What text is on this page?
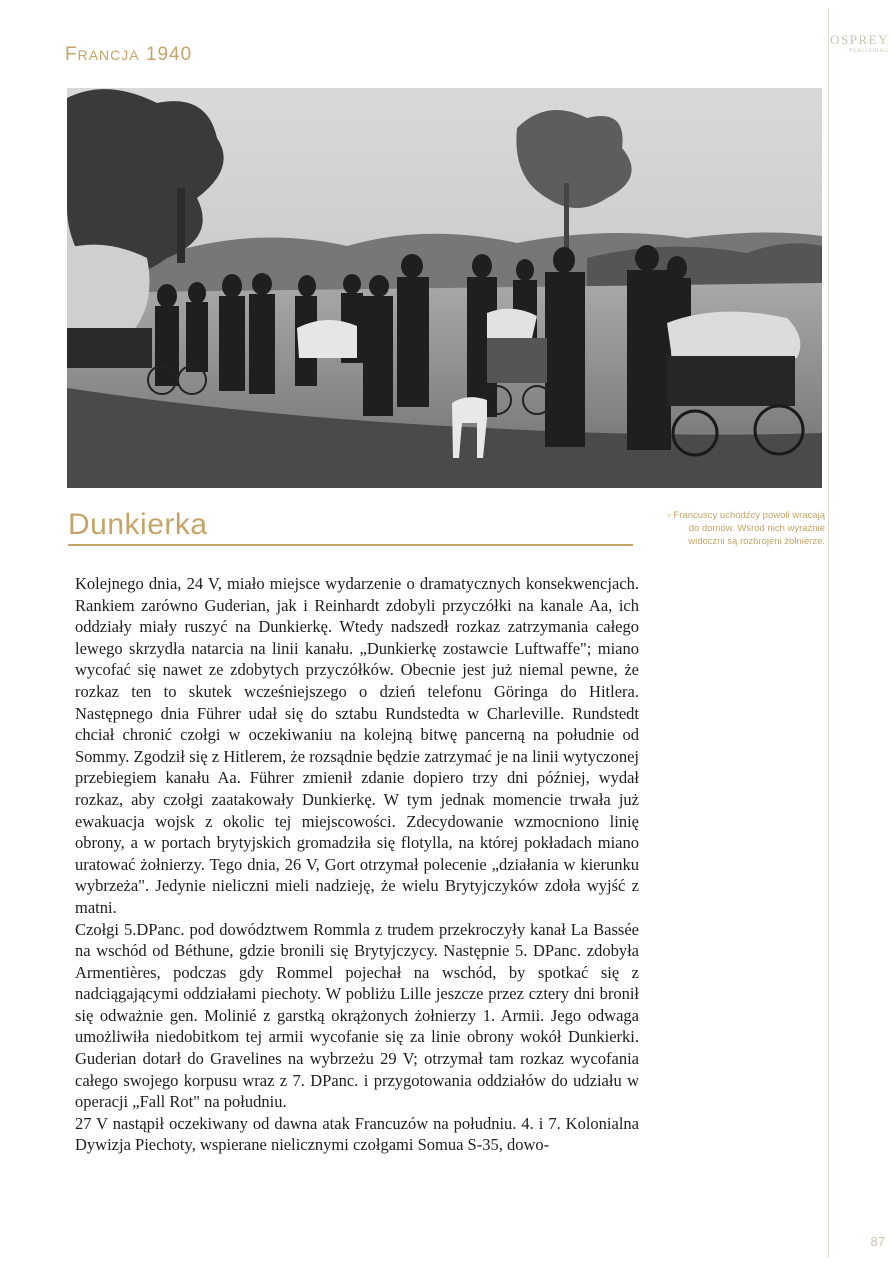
FRANCJA 1940
OSPREY
PUBLISHING
▫ Francuscy uchodźcy powoli wracają do domów. Wśród nich wyraźnie widoczni są rozbrojeni żołnierze.
Dunkierka

Kolejnego dnia, 24 V, miało miejsce wydarzenie o dramatycznych konsekwencjach. Rankiem zarówno Guderian, jak i Reinhardt zdobyli przyczółki na kanale Aa, ich oddziały miały ruszyć na Dunkierkę. Wtedy nadszedł rozkaz zatrzymania całego lewego skrzydła natarcia na linii kanału. „Dunkierkę zostawcie Luftwaffe"; miano wycofać się nawet ze zdobytych przyczółków. Obecnie jest już niemal pewne, że rozkaz ten to skutek wcześniejszego o dzień telefonu Göringa do Hitlera. Następnego dnia Führer udał się do sztabu Rundstedta w Charleville. Rundstedt chciał chronić czołgi w oczekiwaniu na kolejną bitwę pancerną na południe od Sommy. Zgodził się z Hitlerem, że rozsądnie będzie zatrzymać je na linii wytyczonej przebiegiem kanału Aa. Führer zmienił zdanie dopiero trzy dni później, wydał rozkaz, aby czołgi zaatakowały Dunkierkę. W tym jednak momencie trwała już ewakuacja wojsk z okolic tej miejscowości. Zdecydowanie wzmocniono linię obrony, a w portach brytyjskich gromadziła się flotylla, na której pokładach miano uratować żołnierzy. Tego dnia, 26 V, Gort otrzymał polecenie „działania w kierunku wybrzeża". Jedynie nieliczni mieli nadzieję, że wielu Brytyjczyków zdoła wyjść z matni.

Czołgi 5.DPanc. pod dowództwem Rommla z trudem przekroczyły kanał La Bassée na wschód od Béthune, gdzie bronili się Brytyjczycy. Następnie 5. DPanc. zdobyła Armentières, podczas gdy Rommel pojechał na wschód, by spotkać się z nadciągającymi oddziałami piechoty. W pobliżu Lille jeszcze przez cztery dni bronił się odważnie gen. Molinié z garstką okrążonych żołnierzy 1. Armii. Jego odwaga umożliwiła niedobitkom tej armii wycofanie się za linie obrony wokół Dunkierki. Guderian dotarł do Gravelines na wybrzeżu 29 V; otrzymał tam rozkaz wycofania całego swojego korpusu wraz z 7. DPanc. i przygotowania oddziałów do udziału w operacji „Fall Rot" na południu.

27 V nastąpił oczekiwany od dawna atak Francuzów na południu. 4. i 7. Kolonialna Dywizja Piechoty, wspierane nielicznymi czołgami Somua S-35, dowo-

87
